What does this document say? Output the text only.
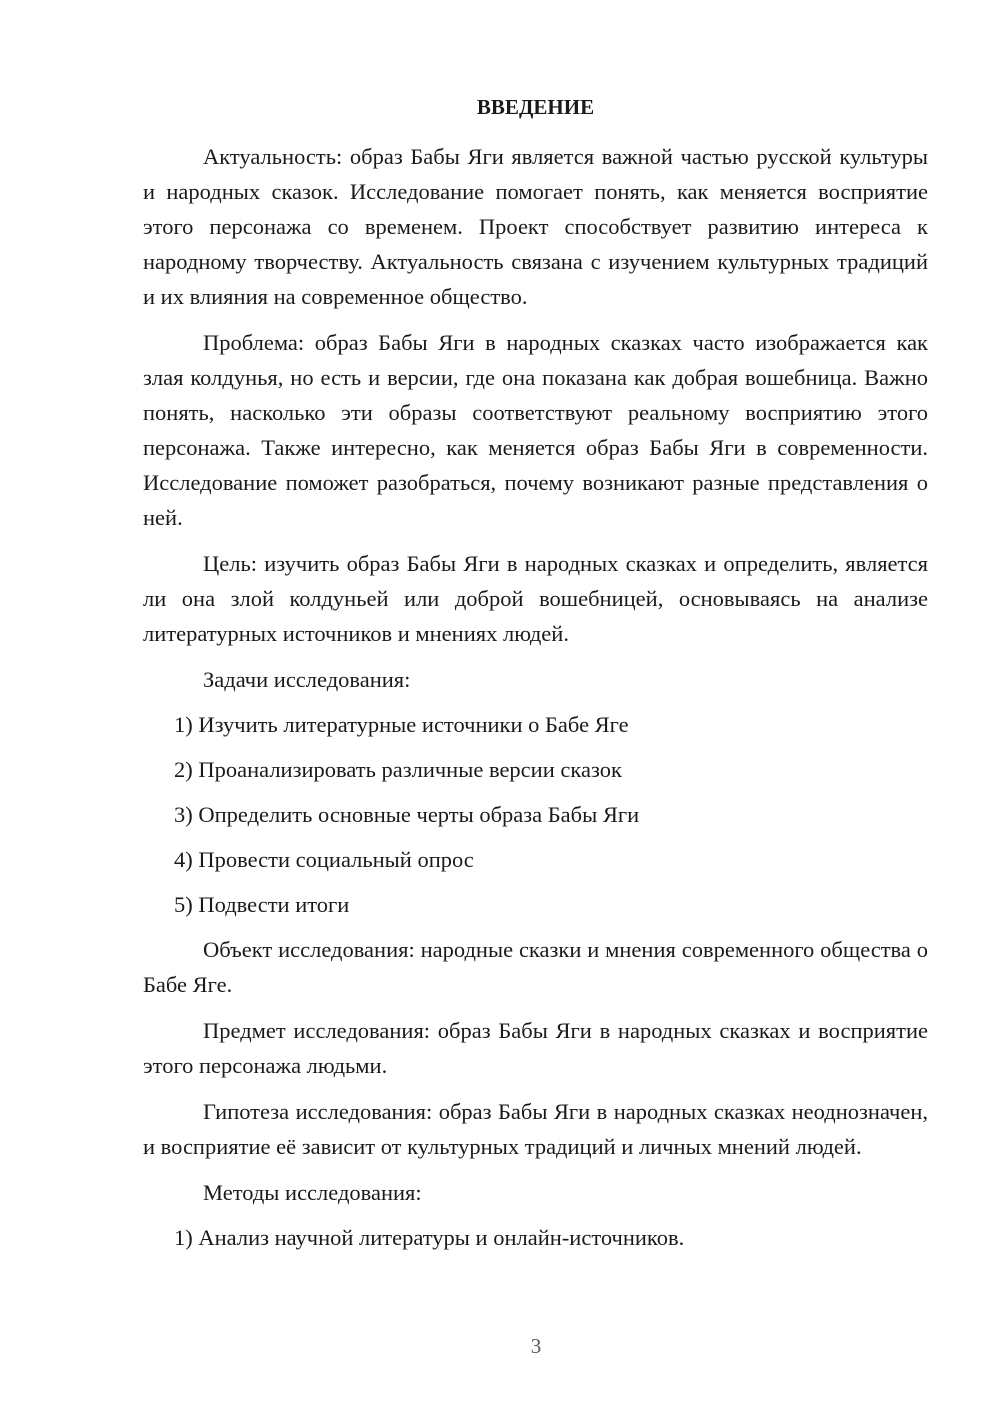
ВВЕДЕНИЕ

Актуальность: образ Бабы Яги является важной частью русской культуры и народных сказок. Исследование помогает понять, как меняется восприятие этого персонажа со временем. Проект способствует развитию интереса к народному творчеству. Актуальность связана с изучением культурных традиций и их влияния на современное общество.

Проблема: образ Бабы Яги в народных сказках часто изображается как злая колдунья, но есть и версии, где она показана как добрая вошебница. Важно понять, насколько эти образы соответствуют реальному восприятию этого персонажа. Также интересно, как меняется образ Бабы Яги в современности. Исследование поможет разобраться, почему возникают разные представления о ней.

Цель: изучить образ Бабы Яги в народных сказках и определить, является ли она злой колдуньей или доброй вошебницей, основываясь на анализе литературных источников и мнениях людей.

Задачи исследования:

1) Изучить литературные источники о Бабе Яге
2) Проанализировать различные версии сказок
3) Определить основные черты образа Бабы Яги
4) Провести социальный опрос
5) Подвести итоги

Объект исследования: народные сказки и мнения современного общества о Бабе Яге.

Предмет исследования: образ Бабы Яги в народных сказках и восприятие этого персонажа людьми.

Гипотеза исследования: образ Бабы Яги в народных сказках неоднозначен, и восприятие её зависит от культурных традиций и личных мнений людей.

Методы исследования:

1) Анализ научной литературы и онлайн-источников.
3
